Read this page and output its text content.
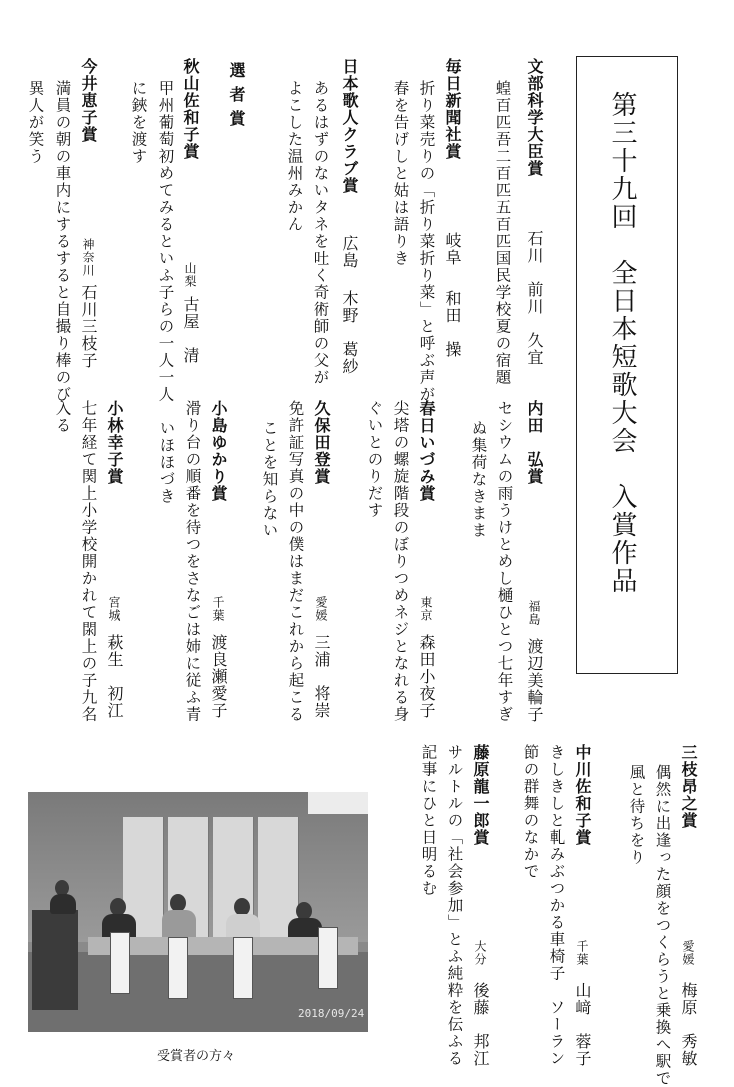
第三十九回　全日本短歌大会　入賞作品
文部科学大臣賞
蝗百匹吾二百匹五百匹国民学校夏の宿題 石川　前川　久宜
毎日新聞社賞
折り菜売りの「折り菜折り菜」と呼ぶ声が
春を告げしと姑は語りき 岐阜
和田　操
日本歌人クラブ賞
あるはずのないタネを吐く奇術師の父が
よこした温州みかん
広島
木野　葛紗
選者賞
秋山佐和子賞
甲州葡萄初めてみるといふ子らの一人一人
に鋏を渡す
山梨
古屋　清
今井恵子賞
満員の朝の車内にするすると自撮り棒のび
異人が笑う
神奈川
石川三枝子
内田　弘賞
セシウムの雨うけとめし樋ひとつ七年すぎ
ぬ集荷なきまま
福島
渡辺美輪子
春日いづみ賞
尖塔の螺旋階段のぼりつめネジとなれる身
ぐいとのりだす
東京
森田小夜子
久保田登賞
免許証写真の中の僕はまだこれから起こる
ことを知らない
愛媛
三浦　将崇
小島ゆかり賞
滑り台の順番を待つをさなごは姉に従ふ青
いほほづき
千葉
渡良瀬愛子
小林幸子賞
七年経て関上小学校開かれて閖上の子九名
入る
宮城
萩生　初江
三枝昂之賞
偶然に出逢った顔をつくらうと乗換へ駅で
風と待ちをり
愛媛
梅原　秀敏
中川佐和子賞
きしきしと軋みぶつかる車椅子　ソーラン
節の群舞のなかで
千葉
山﨑　蓉子
藤原龍一郎賞
サルトルの「社会参加」とふ純粋を伝ふる
記事にひと日明るむ
大分
後藤　邦江
2018/09/24
受賞者の方々
